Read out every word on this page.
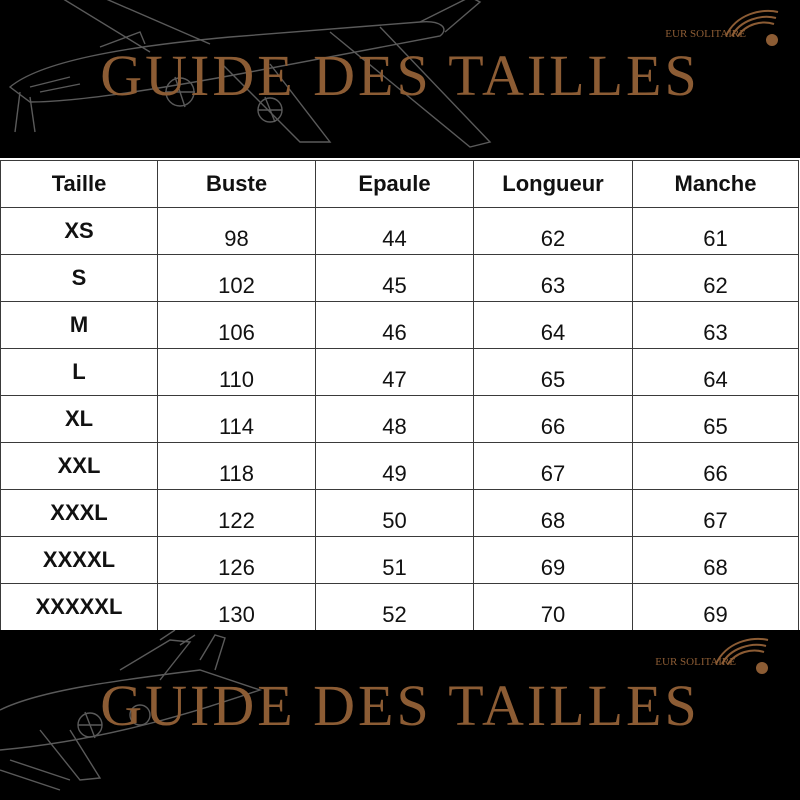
GUIDE DES TAILLES
EUR SOLITAIRE
Taille	Buste	Epaule	Longueur	Manche
XS	98	44	62	61
S	102	45	63	62
M	106	46	64	63
L	110	47	65	64
XL	114	48	66	65
XXL	118	49	67	66
XXXL	122	50	68	67
XXXXL	126	51	69	68
XXXXXL	130	52	70	69
GUIDE DES TAILLES
EUR SOLITAIRE
